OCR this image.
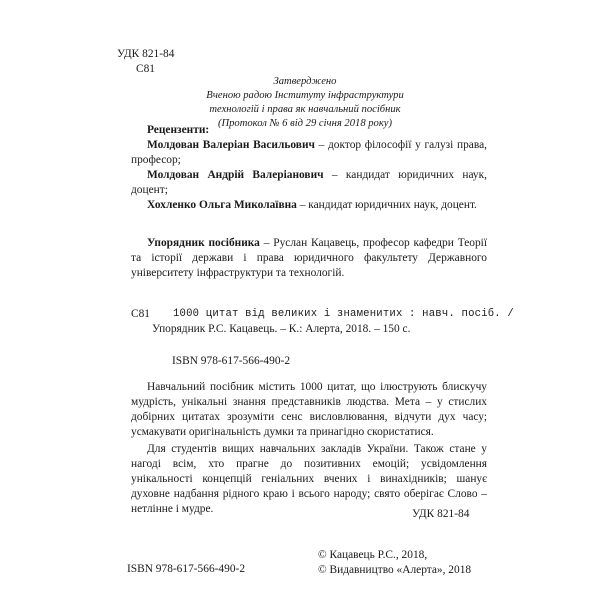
УДК 821-84
С81
Затверджено
Вченою радою Інституту інфраструктури
технологій і права як навчальний посібник
(Протокол № 6 від 29 січня 2018 року)

Рецензенти:

Молдован Валеріан Васильович – доктор філософії у галузі права, професор;

Молдован Андрій Валеріанович – кандидат юридичних наук, доцент;

Хохленко Ольга Миколаївна – кандидат юридичних наук, доцент.

Упорядник посібника – Руслан Кацавець, професор кафедри Теорії та історії держави і права юридичного факультету Державного університету інфраструктури та технологій.

С81 1000 цитат від великих і знаменитих : навч. посіб. /
Упорядник Р.С. Кацавець. – К.: Алерта, 2018. – 150 с.
ISBN 978-617-566-490-2

Навчальний посібник містить 1000 цитат, що ілюструють блискучу мудрість, унікальні знання представників людства. Мета – у стислих добірних цитатах зрозуміти сенс висловлювання, відчути дух часу; усмакувати оригінальність думки та принагідно скористатися.

Для студентів вищих навчальних закладів України. Також стане у нагоді всім, хто прагне до позитивних емоцій; усвідомлення унікальності концепцій геніальних вчених і винахідників; шанує духовне надбання рідного краю і всього народу; свято оберігає Слово – нетлінне і мудре.	УДК 821-84
ISBN 978-617-566-490-2
© Кацавець Р.С., 2018,
© Видавництво «Алерта», 2018
